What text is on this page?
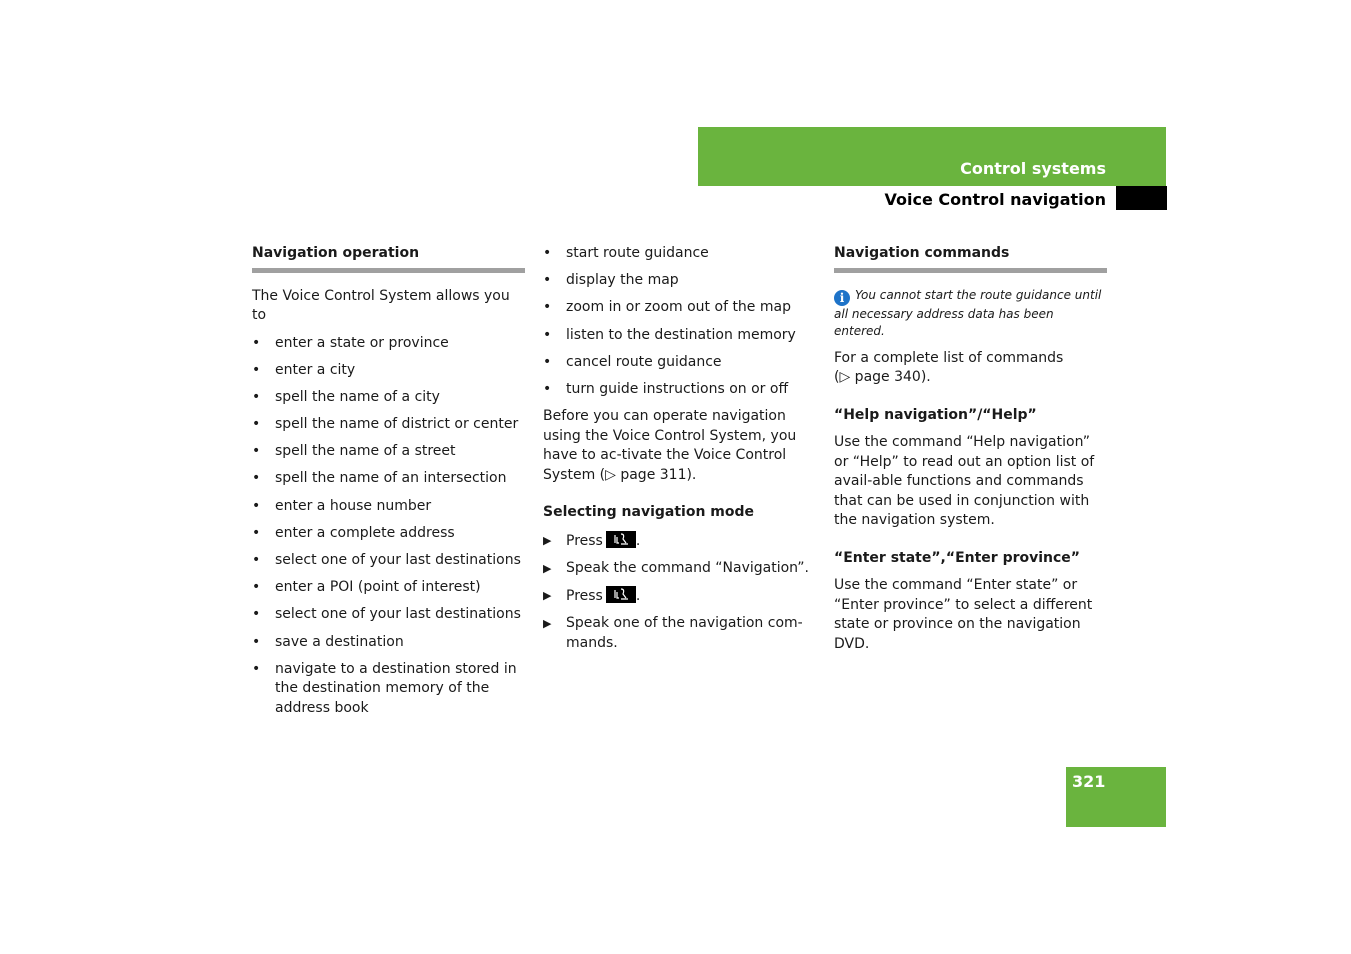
Control systems
Voice Control navigation
321
Navigation operation

The Voice Control System allows you to

• enter a state or province
• enter a city
• spell the name of a city
• spell the name of district or center
• spell the name of a street
• spell the name of an intersection
• enter a house number
• enter a complete address
• select one of your last destinations
• enter a POI (point of interest)
• select one of your last destinations
• save a destination
• navigate to a destination stored in the destination memory of the address book
• start route guidance
• display the map
• zoom in or zoom out of the map
• listen to the destination memory
• cancel route guidance
• turn guide instructions on or off

Before you can operate navigation using the Voice Control System, you have to ac-tivate the Voice Control System (▷ page 311).

Selecting navigation mode
▶ Press .
▶ Speak the command “Navigation”.
▶ Press .
▶ Speak one of the navigation com-mands.
Navigation commands

i You cannot start the route guidance until all necessary address data has been entered.

For a complete list of commands

(▷ page 340).

“Help navigation”/“Help”

Use the command “Help navigation” or “Help” to read out an option list of avail-able functions and commands that can be used in conjunction with the navigation system.

“Enter state”,“Enter province”

Use the command “Enter state” or “Enter province” to select a different state or province on the navigation DVD.
